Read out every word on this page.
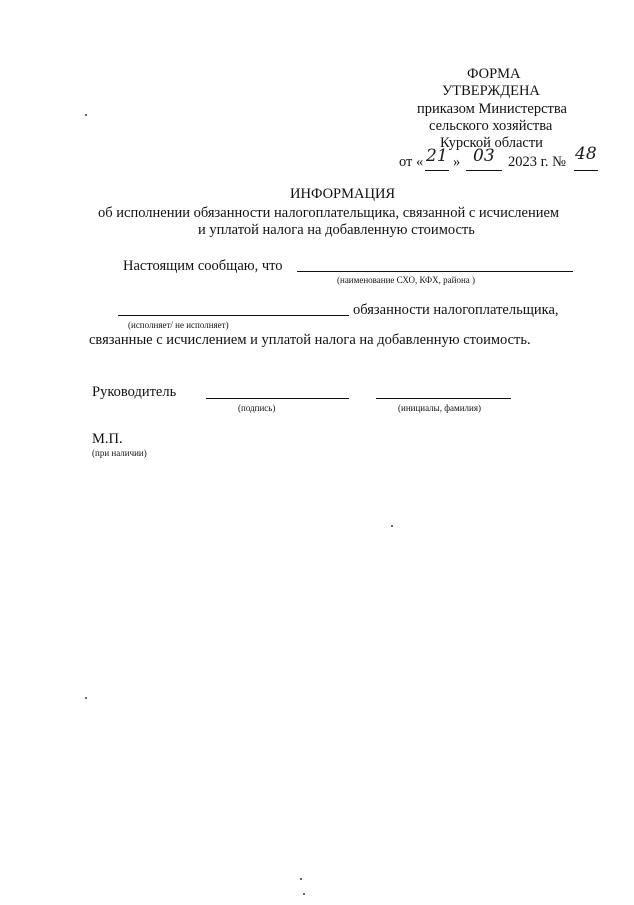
ФОРМА
УТВЕРЖДЕНА
приказом Министерства
сельского хозяйства
Курской области
от « 21 » 03 2023 г. № 48
ИНФОРМАЦИЯ
об исполнении обязанности налогоплательщика, связанной с исчислением
и уплатой налога на добавленную стоимость
Настоящим сообщаю, что
(наименование СХО, КФХ, района )
обязанности налогоплательщика,
(исполняет/ не исполняет)
связанные с исчислением и уплатой налога на добавленную стоимость.
Руководитель
(подпись)	(инициалы, фамилия)
М.П.
(при наличии)
